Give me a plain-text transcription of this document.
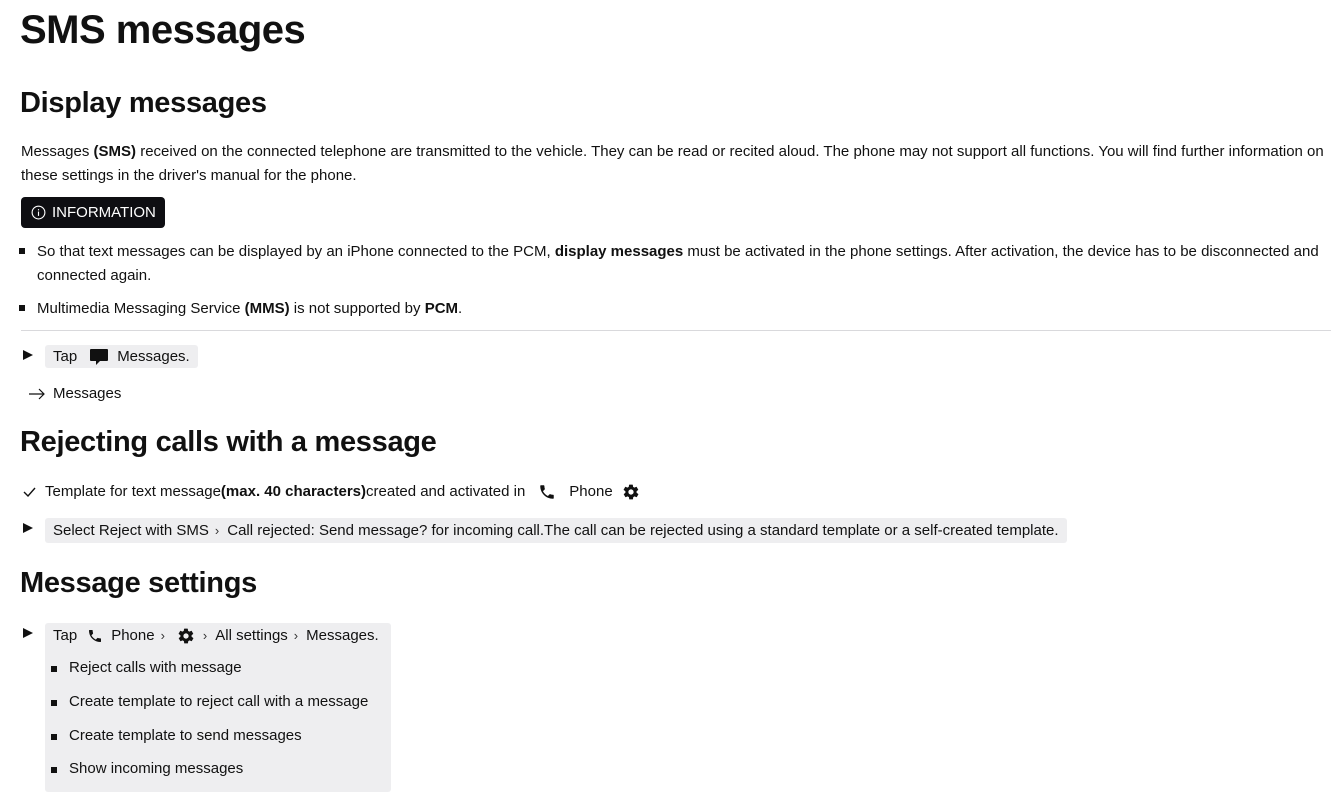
SMS messages
Display messages
Messages (SMS) received on the connected telephone are transmitted to the vehicle. They can be read or recited aloud. The phone may not support all functions. You will find further information on
these settings in the driver's manual for the phone.
INFORMATION
So that text messages can be displayed by an iPhone connected to the PCM, display messages must be activated in the phone settings. After activation, the device has to be disconnected and
connected again.
Multimedia Messaging Service (MMS) is not supported by PCM.
Tap	Messages.
Messages
Rejecting calls with a message
Template for text message (max. 40 characters) created and activated in	Phone
Select Reject with SMS › Call rejected: Send message? for incoming call.The call can be rejected using a standard template or a self-created template.
Message settings
Tap Phone ›	› All settings › Messages.
Reject calls with message
Create template to reject call with a message
Create template to send messages
Show incoming messages
